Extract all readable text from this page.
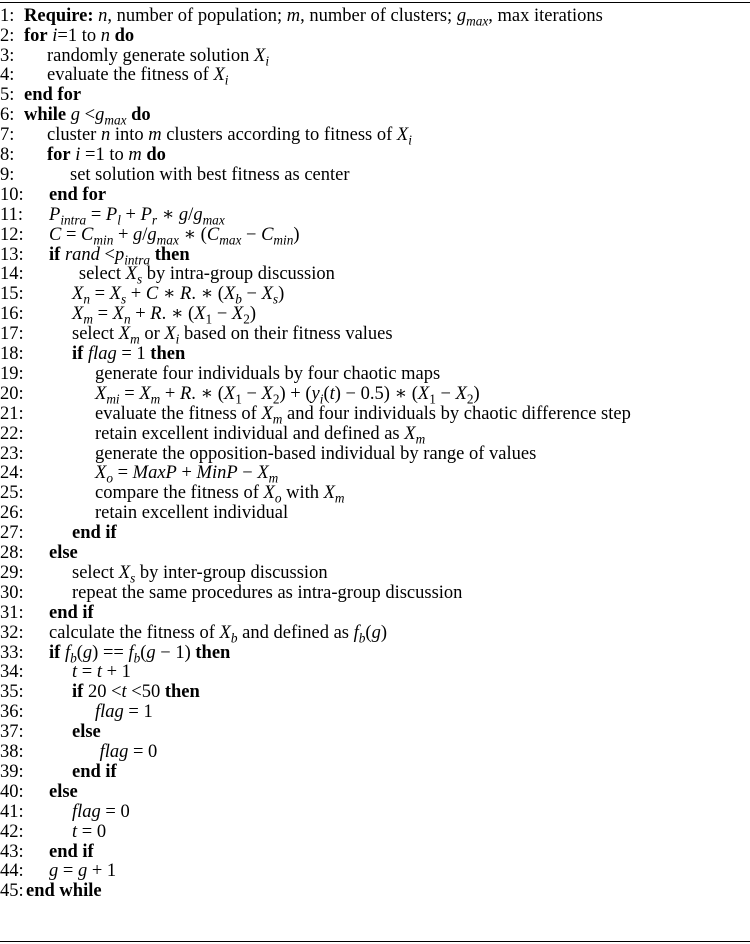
1: Require: n, number of population; m, number of clusters; $g_{max}$, max iterations
2: for i=1 to n do
3:	randomly generate solution $X_i$
4:	evaluate the fitness of $X_i$
5: end for
6: while $g <g_{max}$ do
7:	cluster n into m clusters according to fitness of $X_i$
8:	for i =1 to m do
9:	set solution with best fitness as center
10: end for
11: $P_{intra} = P_l + P_r$ ∗ $g/g_{max}$
12: $C = C_{min} + g/g_{max}$ ∗ $(C_{max} - C_{min})$
13: if rand $<p_{intra}$ then
14:	select $X_s$ by intra-group discussion
15:	$X_n = X_s + C$ ∗ R. ∗ $(X_b - X_s)$
16:	$X_m = X_n + R$. ∗ $(X_1 - X_2)$
17:	select $X_m$ or $X_i$ based on their fitness values
18:	if flag = 1 then
19:	generate four individuals by four chaotic maps
20:	$X_{mi} = X_m + R$. ∗ $(X_1 - X_2) + (y_i(t) - 0.5)$ ∗ $(X_1 - X_2)$
21:	evaluate the fitness of $X_m$ and four individuals by chaotic difference step
22:	retain excellent individual and defined as $X_m$
23:	generate the opposition-based individual by range of values
24:	$X_o$ = MaxP + MinP − $X_m$
25:	compare the fitness of $X_o$ with $X_m$
26:	retain excellent individual
27:	end if
28: else
29:	select $X_s$ by inter-group discussion
30:	repeat the same procedures as intra-group discussion
31: end if
32: calculate the fitness of $X_b$ and defined as $f_b(g)$
33: if $f_b(g) == f_b(g - 1)$ then
34:	t = t + 1
35:	if 20 <t <50 then
36:	flag = 1
37:	else
38:	flag = 0
39:	end if
40: else
41:	flag = 0
42:	t = 0
43: end if
44: g = g + 1
45: end while
